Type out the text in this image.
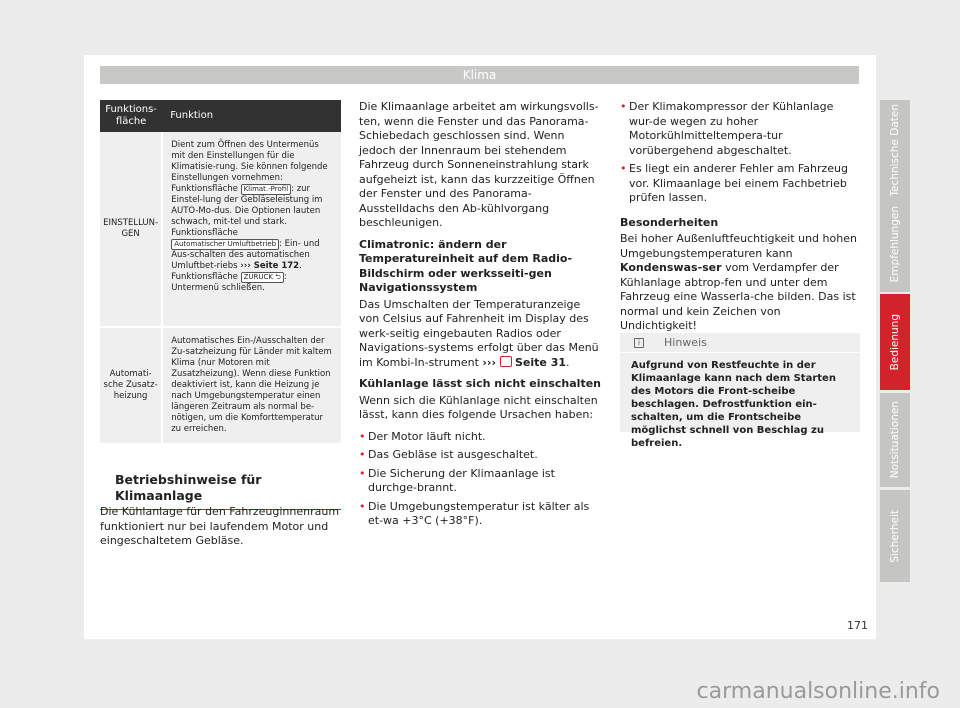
Klima
Funktions-fläche	Funktion
EINSTELLUN-GEN	Dient zum Öffnen des Untermenüs mit den Einstellungen für die Klimatisie-rung. Sie können folgende Einstellungen vornehmen:
Funktionsfläche Klimat.-Profil : zur Einstel-lung der Gebläseleistung im AUTO-Mo-dus. Die Optionen lauten schwach, mit-tel und stark.
Funktionsfläche
Automatischer Umluftbetrieb : Ein- und Aus-schalten des automatischen Umluftbet-riebs ››› Seite 172.
Funktionsfläche ZURÜCK ⮌ : Untermenü schließen.
Automati-sche Zusatz-heizung	Automatisches Ein-/Ausschalten der Zu-satzheizung für Länder mit kaltem Klima (nur Motoren mit Zusatzheizung). Wenn diese Funktion deaktiviert ist, kann die Heizung je nach Umgebungstemperatur einen längeren Zeitraum als normal be-nötigen, um die Komforttemperatur zu erreichen.
Betriebshinweise für Klimaanlage

Die Kühlanlage für den Fahrzeuginnenraum funktioniert nur bei laufendem Motor und eingeschaltetem Gebläse.

Die Klimaanlage arbeitet am wirkungsvolls-ten, wenn die Fenster und das Panorama-Schiebedach geschlossen sind. Wenn jedoch der Innenraum bei stehendem Fahrzeug durch Sonneneinstrahlung stark aufgeheizt ist, kann das kurzzeitige Öffnen der Fenster und des Panorama-Ausstelldachs den Ab-kühlvorgang beschleunigen.

Climatronic: ändern der Temperatureinheit auf dem Radio-Bildschirm oder werksseiti-gen Navigationssystem

Das Umschalten der Temperaturanzeige von Celsius auf Fahrenheit im Display des werk-seitig eingebauten Radios oder Navigations-systems erfolgt über das Menü im Kombi-In-strument ››› Seite 31.

Kühlanlage lässt sich nicht einschalten

Wenn sich die Kühlanlage nicht einschalten lässt, kann dies folgende Ursachen haben:

• Der Motor läuft nicht.
• Das Gebläse ist ausgeschaltet.
• Die Sicherung der Klimaanlage ist durchge-brannt.
• Die Umgebungstemperatur ist kälter als et-wa +3°C (+38°F).
• Der Klimakompressor der Kühlanlage wur-de wegen zu hoher Motorkühlmitteltempera-tur vorübergehend abgeschaltet.
• Es liegt ein anderer Fehler am Fahrzeug vor. Klimaanlage bei einem Fachbetrieb prüfen lassen.
Besonderheiten

Bei hoher Außenluftfeuchtigkeit und hohen Umgebungstemperaturen kann Kondenswas-ser vom Verdampfer der Kühlanlage abtrop-fen und unter dem Fahrzeug eine Wasserla-che bilden. Das ist normal und kein Zeichen von Undichtigkeit!

i	Hinweis
Aufgrund von Restfeuchte in der Klimaanlage kann nach dem Starten des Motors die Front-scheibe beschlagen. Defrostfunktion ein-schalten, um die Frontscheibe möglichst schnell von Beschlag zu befreien.
Technische Daten
Empfehlungen
Bedienung
Notsituationen
Sicherheit
171
carmanualsonline.info
